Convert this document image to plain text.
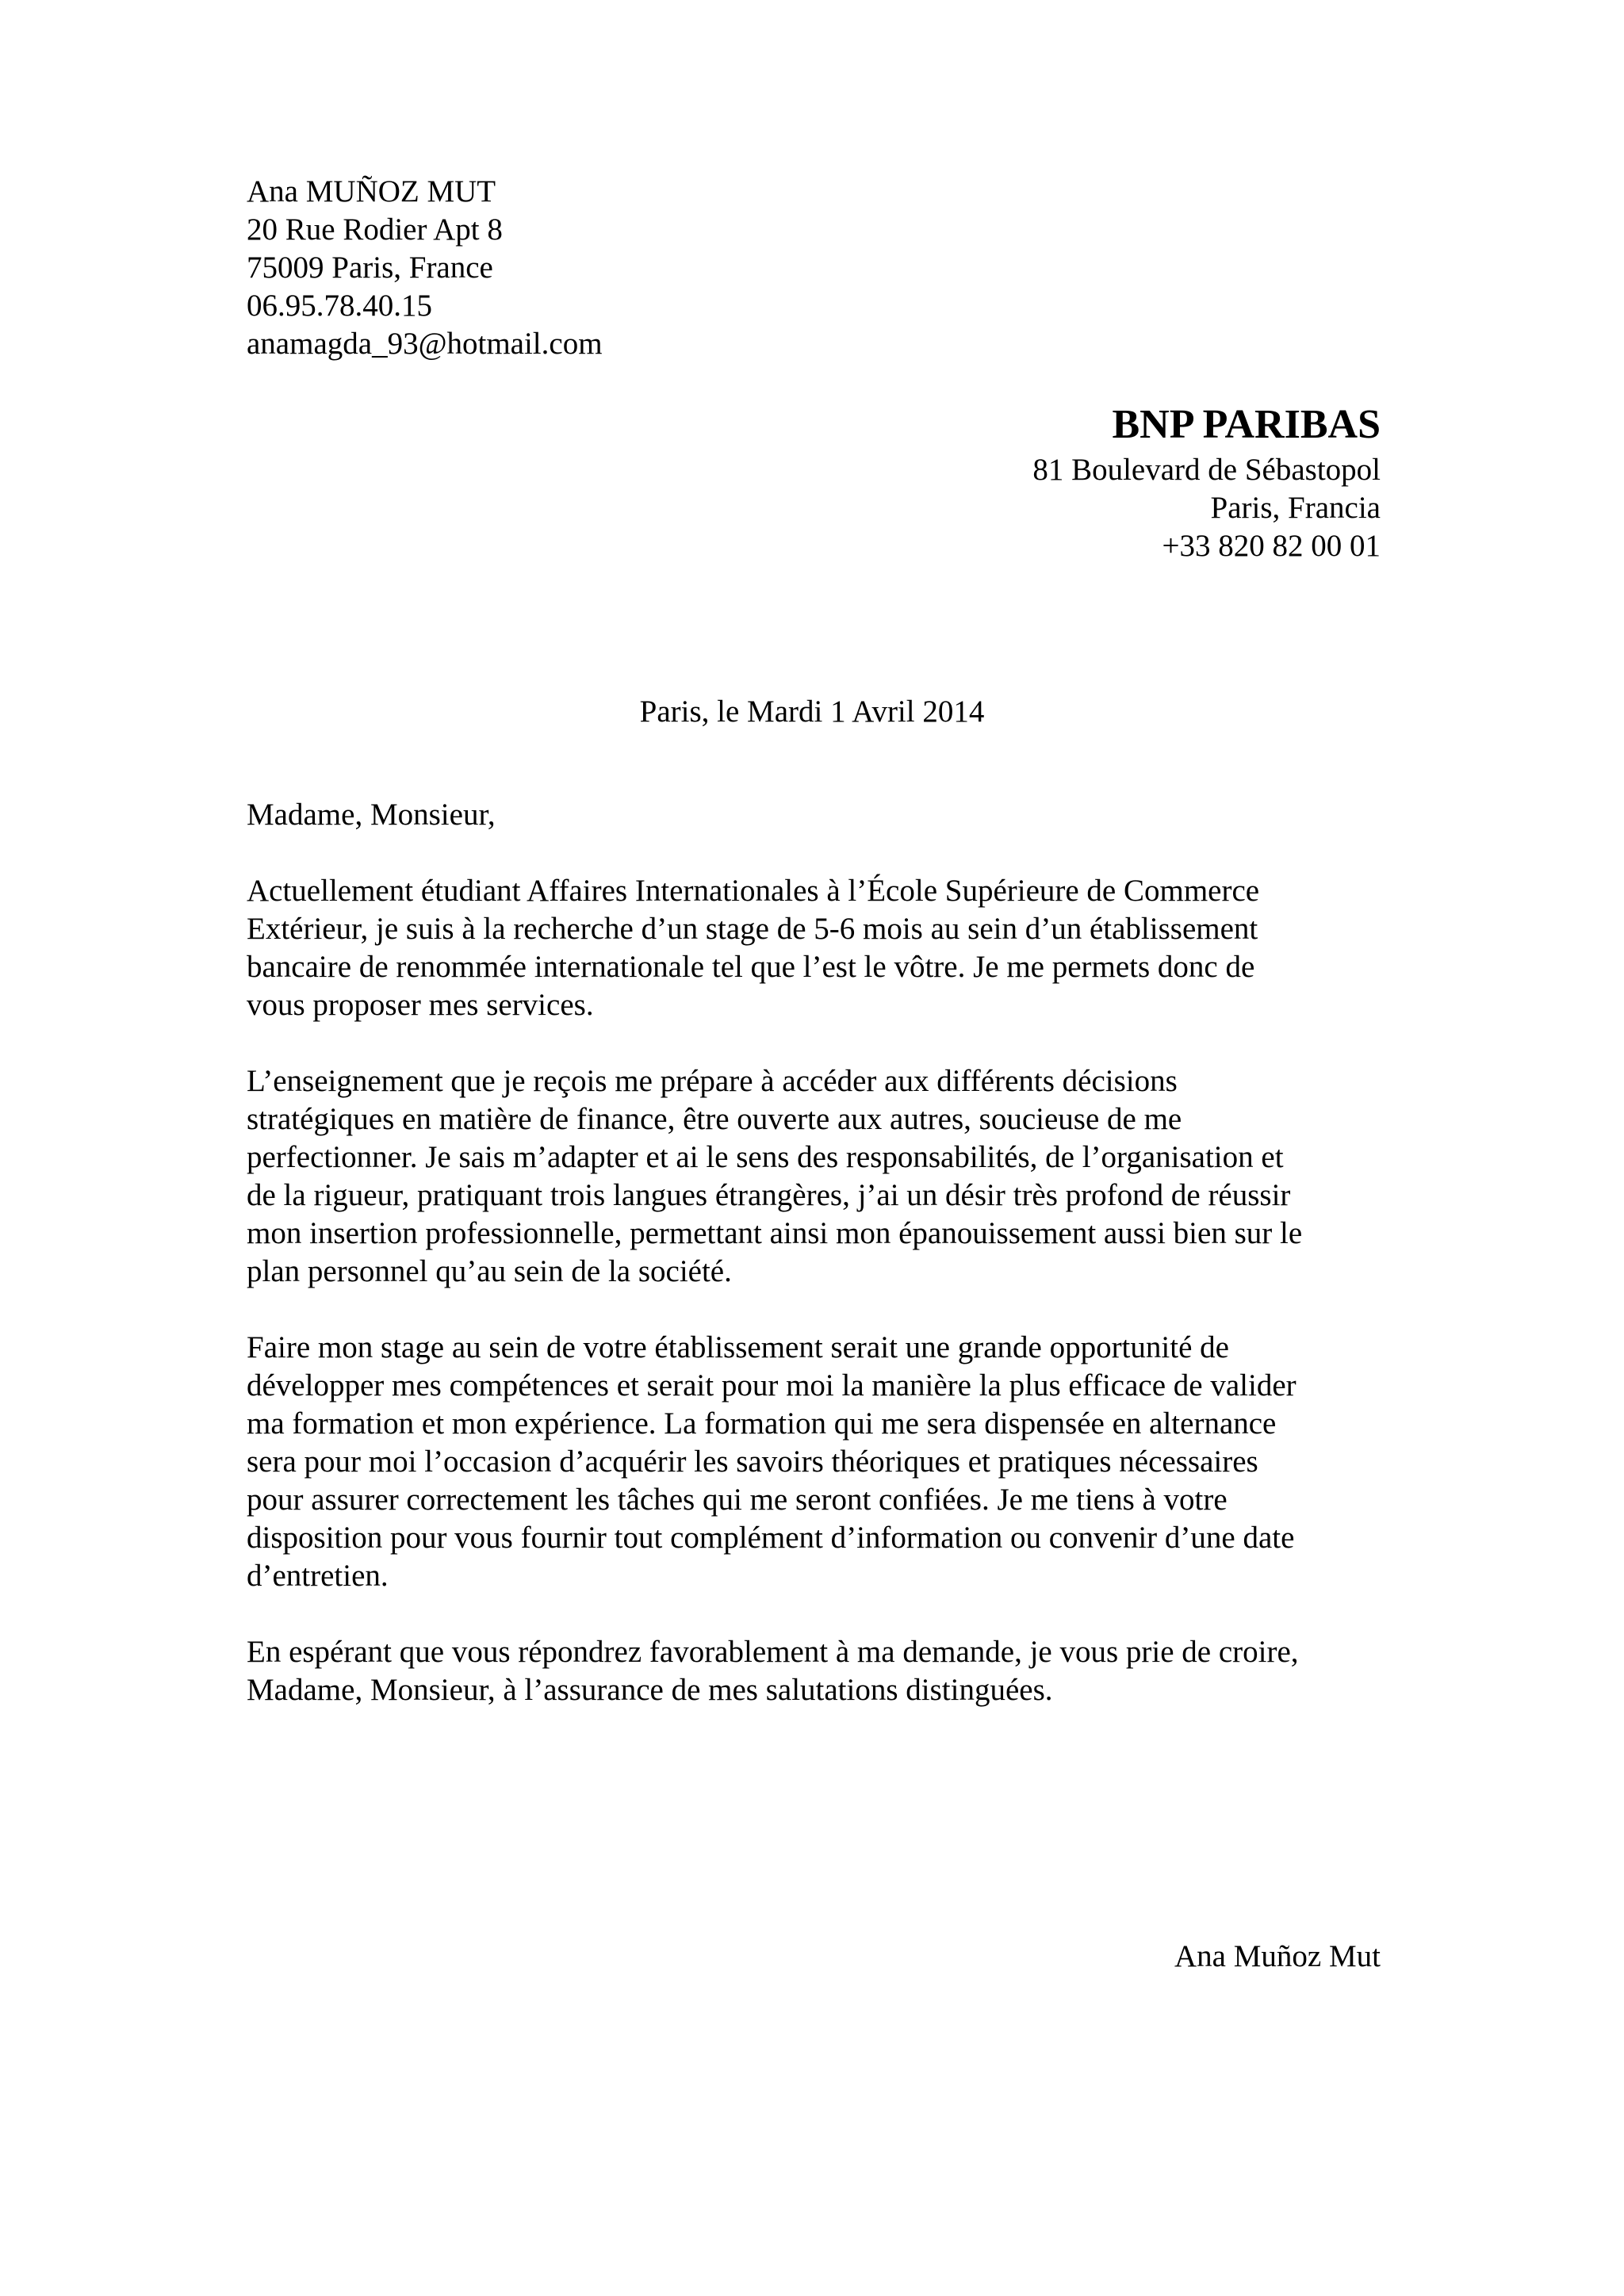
Ana MUÑOZ MUT
20 Rue Rodier Apt 8
75009 Paris, France
06.95.78.40.15
anamagda_93@hotmail.com
BNP PARIBAS
81 Boulevard de Sébastopol
Paris, Francia
+33 820 82 00 01
Paris, le Mardi 1 Avril 2014

Madame, Monsieur,

Actuellement étudiant Affaires Internationales à l’École Supérieure de Commerce
Extérieur, je suis à la recherche d’un stage de 5-6 mois au sein d’un établissement
bancaire de renommée internationale tel que l’est le vôtre. Je me permets donc de
vous proposer mes services.

L’enseignement que je reçois me prépare à accéder aux différents décisions
stratégiques en matière de finance, être ouverte aux autres, soucieuse de me
perfectionner. Je sais m’adapter et ai le sens des responsabilités, de l’organisation et
de la rigueur, pratiquant trois langues étrangères, j’ai un désir très profond de réussir
mon insertion professionnelle, permettant ainsi mon épanouissement aussi bien sur le
plan personnel qu’au sein de la société.

Faire mon stage au sein de votre établissement serait une grande opportunité de
développer mes compétences et serait pour moi la manière la plus efficace de valider
ma formation et mon expérience. La formation qui me sera dispensée en alternance
sera pour moi l’occasion d’acquérir les savoirs théoriques et pratiques nécessaires
pour assurer correctement les tâches qui me seront confiées. Je me tiens à votre
disposition pour vous fournir tout complément d’information ou convenir d’une date
d’entretien.

En espérant que vous répondrez favorablement à ma demande, je vous prie de croire,
Madame, Monsieur, à l’assurance de mes salutations distinguées.

Ana Muñoz Mut
